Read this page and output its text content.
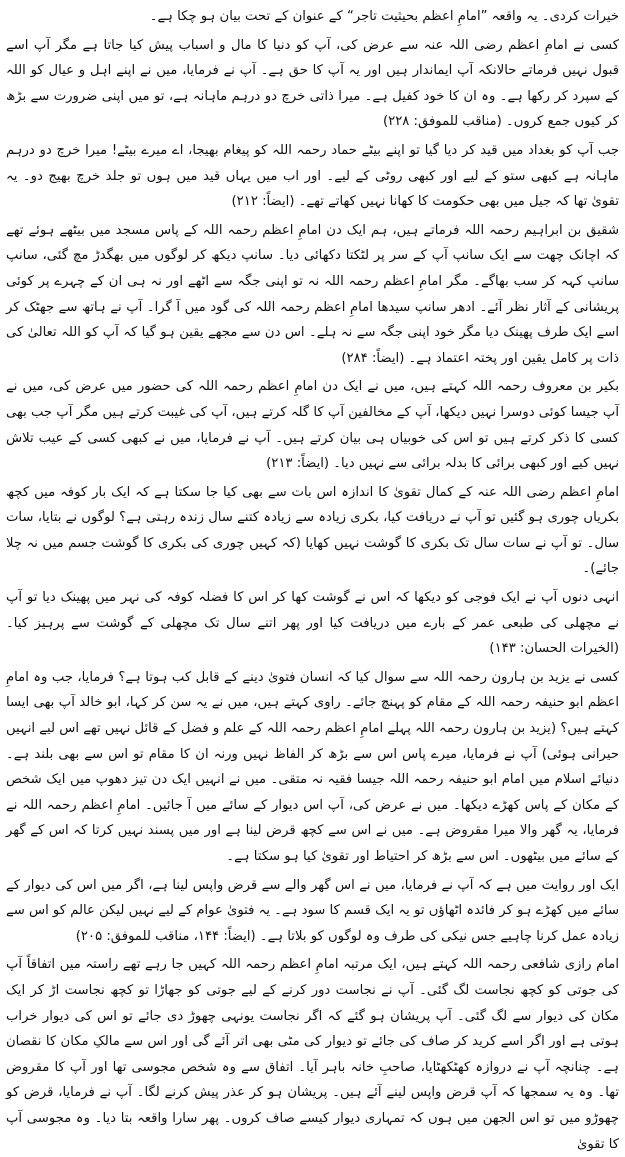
خیرات کردی۔ یہ واقعہ ”امامِ اعظم بحیثیت تاجر“ کے عنوان کے تحت بیان ہو چکا ہے۔

کسی نے امامِ اعظم رضی اللہ عنہ سے عرض کی، آپ کو دنیا کا مال و اسباب پیش کیا جاتا ہے مگر آپ اسے قبول نہیں فرماتے حالانکہ آپ ایماندار ہیں اور یہ آپ کا حق ہے۔ آپ نے فرمایا، میں نے اپنے اہل و عیال کو اللہ کے سپرد کر رکھا ہے۔ وہ ان کا خود کفیل ہے۔ میرا ذاتی خرچ دو درہم ماہانہ ہے، تو میں اپنی ضرورت سے بڑھ کر کیوں جمع کروں۔ (مناقب للموفق: ۲۲۸)

جب آپ کو بغداد میں قید کر دیا گیا تو اپنے بیٹے حماد رحمہ اللہ کو پیغام بھیجا، اے میرے بیٹے! میرا خرچ دو درہم ماہانہ ہے کبھی ستو کے لیے اور کبھی روٹی کے لیے۔ اور اب میں یہاں قید میں ہوں تو جلد خرچ بھیج دو۔ یہ تقویٰ تھا کہ جیل میں بھی حکومت کا کھانا نہیں کھاتے تھے۔ (ایضاً: ۲۱۲)

شقیق بن ابراہیم رحمہ اللہ فرماتے ہیں، ہم ایک دن امامِ اعظم رحمہ اللہ کے پاس مسجد میں بیٹھے ہوئے تھے کہ اچانک چھت سے ایک سانپ آپ کے سر پر لٹکتا دکھائی دیا۔ سانپ دیکھ کر لوگوں میں بھگدڑ مچ گئی، سانپ سانپ کہہ کر سب بھاگے۔ مگر امامِ اعظم رحمہ اللہ نہ تو اپنی جگہ سے اٹھے اور نہ ہی ان کے چہرے پر کوئی پریشانی کے آثار نظر آئے۔ ادھر سانپ سیدھا امامِ اعظم رحمہ اللہ کی گود میں آ گرا۔ آپ نے ہاتھ سے جھٹک کر اسے ایک طرف پھینک دیا مگر خود اپنی جگہ سے نہ ہلے۔ اس دن سے مجھے یقین ہو گیا کہ آپ کو اللہ تعالیٰ کی ذات پر کامل یقین اور پختہ اعتماد ہے۔ (ایضاً: ۲۸۴)

بکیر بن معروف رحمہ اللہ کہتے ہیں، میں نے ایک دن امامِ اعظم رحمہ اللہ کی حضور میں عرض کی، میں نے آپ جیسا کوئی دوسرا نہیں دیکھا، آپ کے مخالفین آپ کا گلہ کرتے ہیں، آپ کی غیبت کرتے ہیں مگر آپ جب بھی کسی کا ذکر کرتے ہیں تو اس کی خوبیاں ہی بیان کرتے ہیں۔ آپ نے فرمایا، میں نے کبھی کسی کے عیب تلاش نہیں کیے اور کبھی برائی کا بدلہ برائی سے نہیں دیا۔ (ایضاً: ۲۱۳)

امامِ اعظم رضی اللہ عنہ کے کمال تقویٰ کا اندازہ اس بات سے بھی کیا جا سکتا ہے کہ ایک بار کوفہ میں کچھ بکریاں چوری ہو گئیں تو آپ نے دریافت کیا، بکری زیادہ سے زیادہ کتنے سال زندہ رہتی ہے؟ لوگوں نے بتایا، سات سال۔ تو آپ نے سات سال تک بکری کا گوشت نہیں کھایا (کہ کہیں چوری کی بکری کا گوشت جسم میں نہ چلا جائے)۔

انہی دنوں آپ نے ایک فوجی کو دیکھا کہ اس نے گوشت کھا کر اس کا فضلہ کوفہ کی نہر میں پھینک دیا تو آپ نے مچھلی کی طبعی عمر کے بارے میں دریافت کیا اور پھر اتنے سال تک مچھلی کے گوشت سے پرہیز کیا۔ (الخیرات الحسان: ۱۴۳)

کسی نے یزید بن ہارون رحمہ اللہ سے سوال کیا کہ انسان فتویٰ دینے کے قابل کب ہوتا ہے؟ فرمایا، جب وہ امامِ اعظم ابو حنیفہ رحمہ اللہ کے مقام کو پہنچ جائے۔ راوی کہتے ہیں، میں نے یہ سن کر کہا، ابو خالد آپ بھی ایسا کہتے ہیں؟ (یزید بن ہارون رحمہ اللہ پہلے امامِ اعظم رحمہ اللہ کے علم و فضل کے قائل نہیں تھے اس لیے انہیں حیرانی ہوئی) آپ نے فرمایا، میرے پاس اس سے بڑھ کر الفاظ نہیں ورنہ ان کا مقام تو اس سے بھی بلند ہے۔ دنیائے اسلام میں امام ابو حنیفہ رحمہ اللہ جیسا فقیہ نہ متقی۔ میں نے انہیں ایک دن تیز دھوپ میں ایک شخص کے مکان کے پاس کھڑے دیکھا۔ میں نے عرض کی، آپ اس دیوار کے سائے میں آ جائیں۔ امامِ اعظم رحمہ اللہ نے فرمایا، یہ گھر والا میرا مقروض ہے۔ میں نے اس سے کچھ قرض لینا ہے اور میں پسند نہیں کرتا کہ اس کے گھر کے سائے میں بیٹھوں۔ اس سے بڑھ کر احتیاط اور تقویٰ کیا ہو سکتا ہے۔

ایک اور روایت میں ہے کہ آپ نے فرمایا، میں نے اس گھر والے سے قرض واپس لینا ہے، اگر میں اس کی دیوار کے سائے میں کھڑے ہو کر فائدہ اٹھاؤں تو یہ ایک قسم کا سود ہے۔ یہ فتویٰ عوام کے لیے نہیں لیکن عالم کو اس سے زیادہ عمل کرنا چاہیے جس نیکی کی طرف وہ لوگوں کو بلاتا ہے۔ (ایضاً: ۱۴۴، مناقب للموفق: ۲۰۵)

امام رازی شافعی رحمہ اللہ کہتے ہیں، ایک مرتبہ امامِ اعظم رحمہ اللہ کہیں جا رہے تھے راستہ میں اتفاقاً آپ کی جوتی کو کچھ نجاست لگ گئی۔ آپ نے نجاست دور کرنے کے لیے جوتی کو جھاڑا تو کچھ نجاست اڑ کر ایک مکان کی دیوار سے لگ گئی۔ آپ پریشان ہو گئے کہ اگر نجاست یونہی چھوڑ دی جائے تو اس کی دیوار خراب ہوتی ہے اور اگر اسے کرید کر صاف کی جائے تو دیوار کی مٹی بھی اتر آئے گی اور اس سے مالکِ مکان کا نقصان ہے۔ چنانچہ آپ نے دروازہ کھٹکھٹایا، صاحبِ خانہ باہر آیا۔ اتفاق سے وہ شخص مجوسی تھا اور آپ کا مقروض تھا۔ وہ یہ سمجھا کہ آپ قرض واپس لینے آئے ہیں۔ پریشان ہو کر عذر پیش کرنے لگا۔ آپ نے فرمایا، قرض کو چھوڑو میں تو اس الجھن میں ہوں کہ تمہاری دیوار کیسے صاف کروں۔ پھر سارا واقعہ بتا دیا۔ وہ مجوسی آپ کا تقویٰ
